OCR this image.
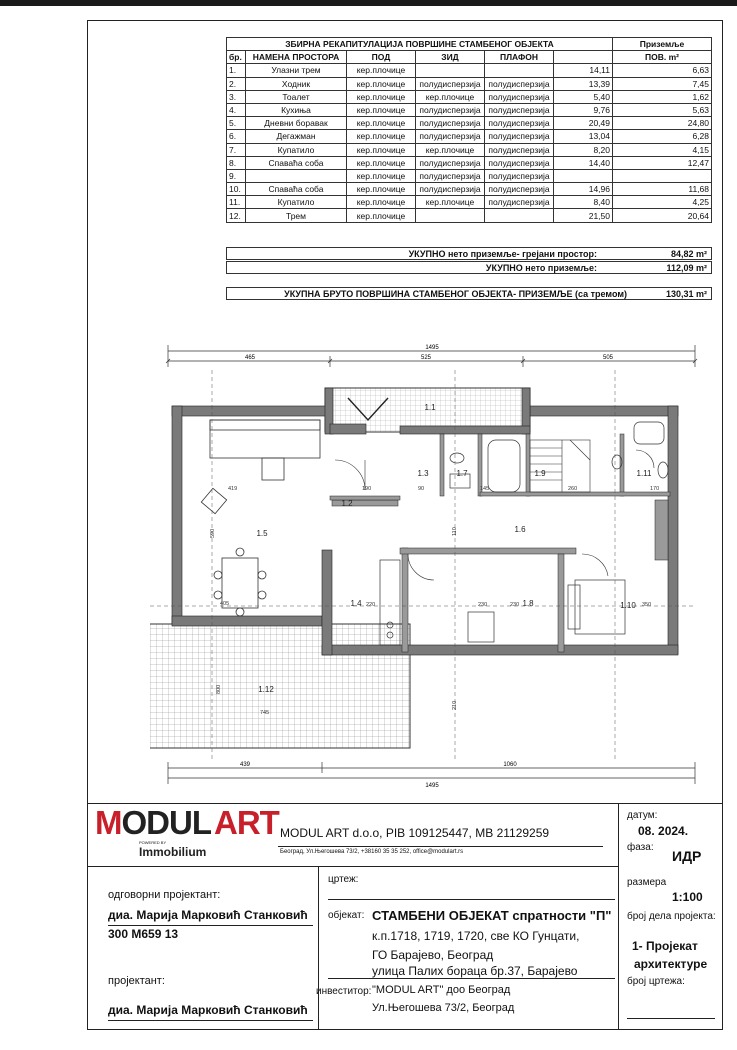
ЗБИРНА РЕКАПИТУЛАЦИЈА ПОВРШИНЕ СТАМБЕНОГ ОБЈЕКТА						Приземље
бр.	НАМЕНА ПРОСТОРА	ПОД	ЗИД	ПЛАФОН		ПОВ. m²
1.	Улазни трем	кер.плочице			14,11	6,63
2.	Ходник	кер.плочице	полудисперзија	полудисперзија	13,39	7,45
3.	Тоалет	кер.плочице	кер.плочице	полудисперзија	5,40	1,62
4.	Кухиња	кер.плочице	полудисперзија	полудисперзија	9,76	5,63
5.	Дневни боравак	кер.плочице	полудисперзија	полудисперзија	20,49	24,80
6.	Дегажман	кер.плочице	полудисперзија	полудисперзија	13,04	6,28
7.	Купатило	кер.плочице	кер.плочице	полудисперзија	8,20	4,15
8.	Спаваћа соба	кер.плочице	полудисперзија	полудисперзија	14,40	12,47
9.		кер.плочице	полудисперзија	полудисперзија		
10.	Спаваћа соба	кер.плочице	полудисперзија	полудисперзија	14,96	11,68
11.	Купатило	кер.плочице	кер.плочице	полудисперзија	8,40	4,25
12.	Трем	кер.плочице			21,50	20,64
УКУПНО нето приземље- грејани простор:	84,82 m²
УКУПНО нето приземље:	112,09 m²
УКУПНА БРУТО ПОВРШИНА СТАМБЕНОГ ОБЈЕКТА- ПРИЗЕМЉЕ (са тремом)	130,31 m²
1495
465	525	505
439	1060
1495
1.1
1.2
1.3	1.7	1.9	1.11
1.5	1.6
1.4	1.8	1.10
1.12
419	190	90	145	260	170
405	220	230	230	350
590
800
745
110
210
MODULART
POWERED BY
Immobilium
MODUL ART d.o.o, PIB 109125447, MB 21129259
Београд, Ул.Његошева 73/2, +38160 35 35 252, office@modulart.rs
датум:
08. 2024.
фаза:
ИДР
размера
1:100
број дела пројекта:
1- Пројекат
архитектуре
број цртежа:
одговорни пројектант:
диа. Марија Марковић Станковић
300 М659 13
пројектант:
диа. Марија Марковић Станковић
цртеж:
објекат: СТАМБЕНИ ОБЈЕКАТ спратности "П"
к.п.1718, 1719, 1720, све КО Гунцати,
ГО Барајево, Београд
улица Палих бораца бр.37, Барајево
инвеститор: "MODUL ART" доо Београд
Ул.Његошева 73/2, Београд
